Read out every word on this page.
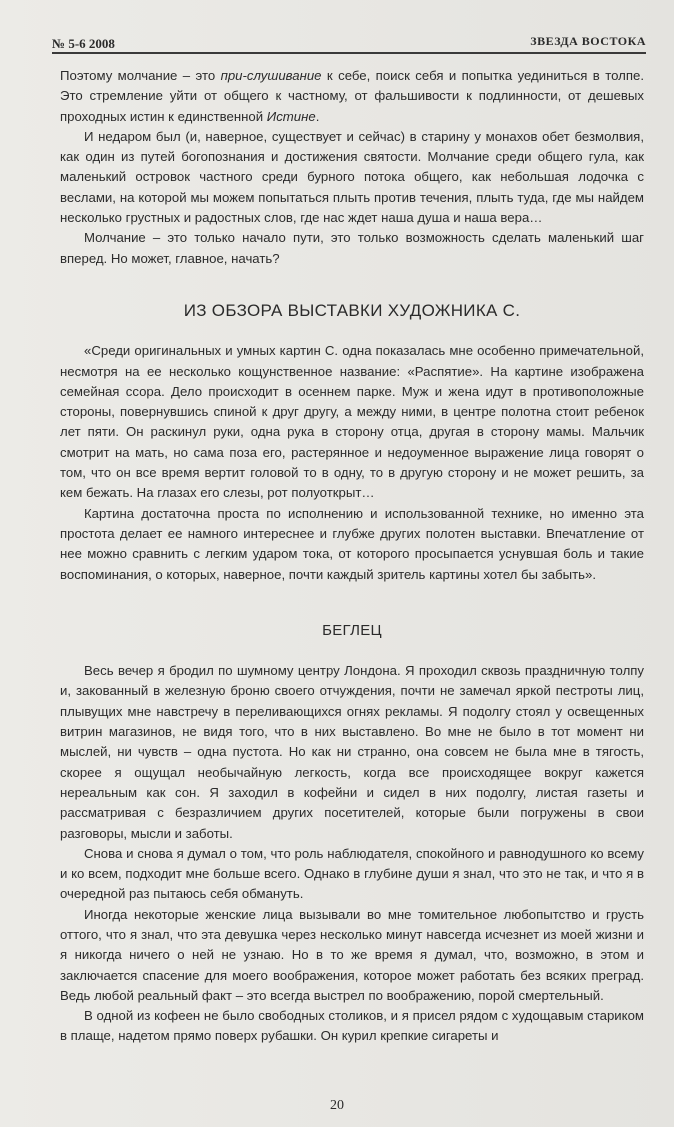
№ 5-6 2008	ЗВЕЗДА ВОСТОКА

Поэтому молчание – это при-слушивание к себе, поиск себя и попытка уединиться в толпе. Это стремление уйти от общего к частному, от фальшивости к подлинности, от дешевых проходных истин к единственной Истине.

И недаром был (и, наверное, существует и сейчас) в старину у монахов обет безмолвия, как один из путей богопознания и достижения святости. Молчание среди общего гула, как маленький островок частного среди бурного потока общего, как небольшая лодочка с веслами, на которой мы можем попытаться плыть против течения, плыть туда, где мы найдем несколько грустных и радостных слов, где нас ждет наша душа и наша вера…

Молчание – это только начало пути, это только возможность сделать маленький шаг вперед. Но может, главное, начать?

ИЗ ОБЗОРА ВЫСТАВКИ ХУДОЖНИКА С.

«Среди оригинальных и умных картин С. одна показалась мне особенно примечательной, несмотря на ее несколько кощунственное название: «Распятие». На картине изображена семейная ссора. Дело происходит в осеннем парке. Муж и жена идут в противоположные стороны, повернувшись спиной к друг другу, а между ними, в центре полотна стоит ребенок лет пяти. Он раскинул руки, одна рука в сторону отца, другая в сторону мамы. Мальчик смотрит на мать, но сама поза его, растерянное и недоуменное выражение лица говорят о том, что он все время вертит головой то в одну, то в другую сторону и не может решить, за кем бежать. На глазах его слезы, рот полуоткрыт…

Картина достаточна проста по исполнению и использованной технике, но именно эта простота делает ее намного интереснее и глубже других полотен выставки. Впечатление от нее можно сравнить с легким ударом тока, от которого просыпается уснувшая боль и такие воспоминания, о которых, наверное, почти каждый зритель картины хотел бы забыть».

БЕГЛЕЦ

Весь вечер я бродил по шумному центру Лондона. Я проходил сквозь праздничную толпу и, закованный в железную броню своего отчуждения, почти не замечал яркой пестроты лиц, плывущих мне навстречу в переливающихся огнях рекламы. Я подолгу стоял у освещенных витрин магазинов, не видя того, что в них выставлено. Во мне не было в тот момент ни мыслей, ни чувств – одна пустота. Но как ни странно, она совсем не была мне в тягость, скорее я ощущал необычайную легкость, когда все происходящее вокруг кажется нереальным как сон. Я заходил в кофейни и сидел в них подолгу, листая газеты и рассматривая с безразличием других посетителей, которые были погружены в свои разговоры, мысли и заботы.

Снова и снова я думал о том, что роль наблюдателя, спокойного и равнодушного ко всему и ко всем, подходит мне больше всего. Однако в глубине души я знал, что это не так, и что я в очередной раз пытаюсь себя обмануть.

Иногда некоторые женские лица вызывали во мне томительное любопытство и грусть оттого, что я знал, что эта девушка через несколько минут навсегда исчезнет из моей жизни и я никогда ничего о ней не узнаю. Но в то же время я думал, что, возможно, в этом и заключается спасение для моего воображения, которое может работать без всяких преград. Ведь любой реальный факт – это всегда выстрел по воображению, порой смертельный.

В одной из кофеен не было свободных столиков, и я присел рядом с худощавым стариком в плаще, надетом прямо поверх рубашки. Он курил крепкие сигареты и

20
